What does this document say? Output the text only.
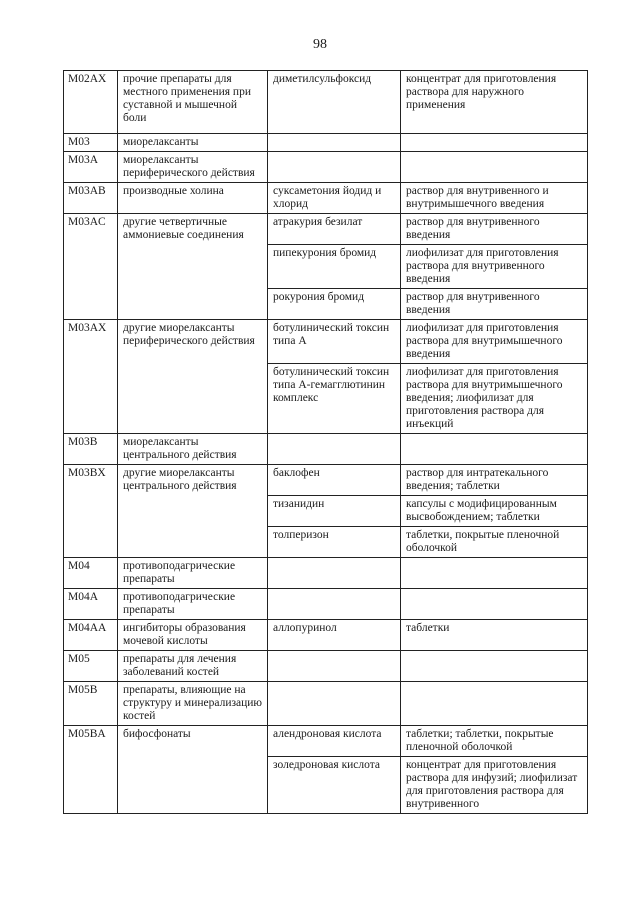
98
M02AX	прочие препараты для местного применения при суставной и мышечной боли	диметилсульфоксид	концентрат для приготовления раствора для наружного применения
M03	миорелаксанты		
M03A	миорелаксанты периферического действия		
M03AB	производные холина	суксаметония йодид и хлорид	раствор для внутривенного и внутримышечного введения
M03AC	другие четвертичные аммониевые соединения	атракурия безилат	раствор для внутривенного введения
		пипекурония бромид	лиофилизат для приготовления раствора для внутривенного введения
		рокурония бромид	раствор для внутривенного введения
M03AX	другие миорелаксанты периферического действия	ботулинический токсин типа А	лиофилизат для приготовления раствора для внутримышечного введения
		ботулинический токсин типа А-гемагглютинин комплекс	лиофилизат для приготовления раствора для внутримышечного введения; лиофилизат для приготовления раствора для инъекций
M03B	миорелаксанты центрального действия		
M03BX	другие миорелаксанты центрального действия	баклофен	раствор для интратекального введения; таблетки
		тизанидин	капсулы с модифицированным высвобождением; таблетки
		толперизон	таблетки, покрытые пленочной оболочкой
M04	противоподагрические препараты		
M04A	противоподагрические препараты		
M04AA	ингибиторы образования мочевой кислоты	аллопуринол	таблетки
M05	препараты для лечения заболеваний костей		
M05B	препараты, влияющие на структуру и минерализацию костей		
M05BA	бифосфонаты	алендроновая кислота	таблетки; таблетки, покрытые пленочной оболочкой
		золедроновая кислота	концентрат для приготовления раствора для инфузий; лиофилизат для приготовления раствора для внутривенного
